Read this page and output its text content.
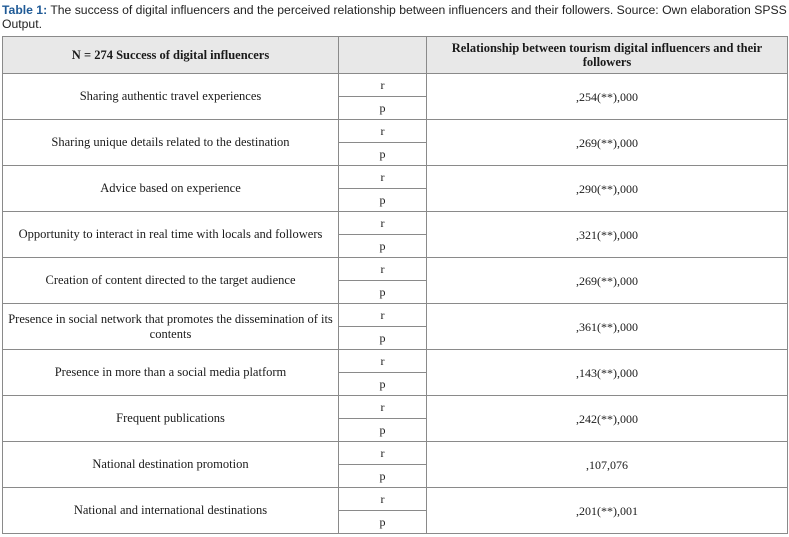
Table 1: The success of digital influencers and the perceived relationship between influencers and their followers. Source: Own elaboration SPSS Output.
N = 274 Success of digital influencers		Relationship between tourism digital influencers and their followers
Sharing authentic travel experiences	r	,254(**),000
	p	
Sharing unique details related to the destination	r	,269(**),000
	p	
Advice based on experience	r	,290(**),000
	p	
Opportunity to interact in real time with locals and followers	r	,321(**),000
	p	
Creation of content directed to the target audience	r	,269(**),000
	p	
Presence in social network that promotes the dissemination of its contents	r	,361(**),000
	p	
Presence in more than a social media platform	r	,143(**),000
	p	
Frequent publications	r	,242(**),000
	p	
National destination promotion	r	,107,076
	p	
National and international destinations	r	,201(**),001
	p	
